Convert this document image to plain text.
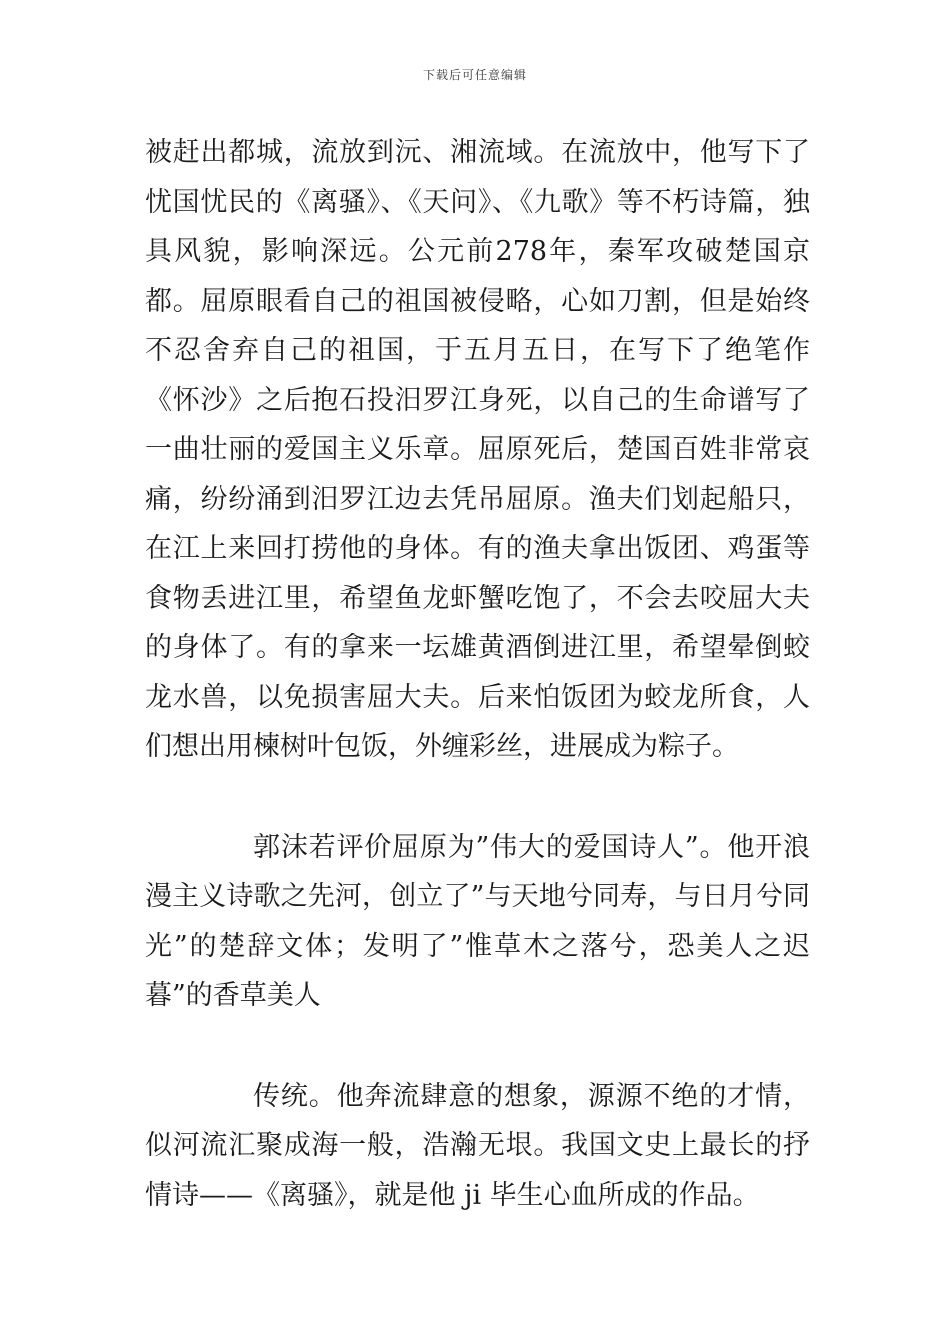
下载后可任意编辑

被赶出都城，流放到沅、湘流域。在流放中，他写下了忧国忧民的《离骚》、《天问》、《九歌》等不朽诗篇，独具风貌，影响深远。公元前278年，秦军攻破楚国京都。屈原眼看自己的祖国被侵略，心如刀割，但是始终不忍舍弃自己的祖国，于五月五日，在写下了绝笔作《怀沙》之后抱石投汨罗江身死，以自己的生命谱写了一曲壮丽的爱国主义乐章。屈原死后，楚国百姓非常哀痛，纷纷涌到汨罗江边去凭吊屈原。渔夫们划起船只，在江上来回打捞他的身体。有的渔夫拿出饭团、鸡蛋等食物丢进江里，希望鱼龙虾蟹吃饱了，不会去咬屈大夫的身体了。有的拿来一坛雄黄酒倒进江里，希望晕倒蛟龙水兽，以免损害屈大夫。后来怕饭团为蛟龙所食，人们想出用楝树叶包饭，外缠彩丝，进展成为粽子。

郭沫若评价屈原为”伟大的爱国诗人”。他开浪漫主义诗歌之先河，创立了”与天地兮同寿，与日月兮同光”的楚辞文体；发明了”惟草木之落兮，恐美人之迟暮”的香草美人

传统。他奔流肆意的想象，源源不绝的才情，似河流汇聚成海一般，浩瀚无垠。我国文史上最长的抒情诗——《离骚》，就是他 ji 毕生心血所成的作品。
